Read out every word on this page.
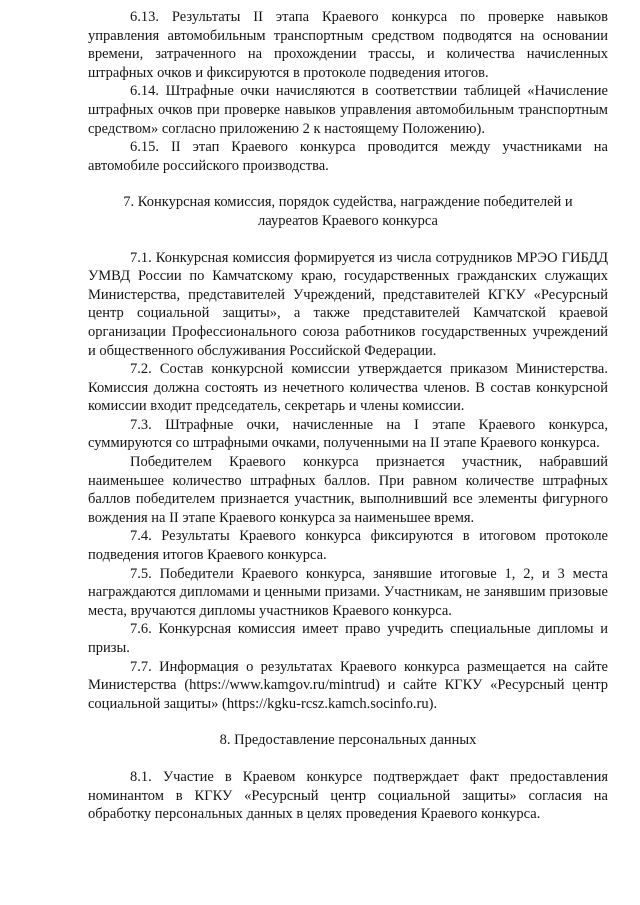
6.13. Результаты II этапа Краевого конкурса по проверке навыков управления автомобильным транспортным средством подводятся на основании времени, затраченного на прохождении трассы, и количества начисленных штрафных очков и фиксируются в протоколе подведения итогов.

6.14. Штрафные очки начисляются в соответствии таблицей «Начисление штрафных очков при проверке навыков управления автомобильным транспортным средством» согласно приложению 2 к настоящему Положению).

6.15. II этап Краевого конкурса проводится между участниками на автомобиле российского производства.

7. Конкурсная комиссия, порядок судейства, награждение победителей и
лауреатов Краевого конкурса

7.1. Конкурсная комиссия формируется из числа сотрудников МРЭО ГИБДД УМВД России по Камчатскому краю, государственных гражданских служащих Министерства, представителей Учреждений, представителей КГКУ «Ресурсный центр социальной защиты», а также представителей Камчатской краевой организации Профессионального союза работников государственных учреждений и общественного обслуживания Российской Федерации.

7.2. Состав конкурсной комиссии утверждается приказом Министерства. Комиссия должна состоять из нечетного количества членов. В состав конкурсной комиссии входит председатель, секретарь и члены комиссии.

7.3. Штрафные очки, начисленные на I этапе Краевого конкурса, суммируются со штрафными очками, полученными на II этапе Краевого конкурса.

Победителем Краевого конкурса признается участник, набравший наименьшее количество штрафных баллов. При равном количестве штрафных баллов победителем признается участник, выполнивший все элементы фигурного вождения на II этапе Краевого конкурса за наименьшее время.

7.4. Результаты Краевого конкурса фиксируются в итоговом протоколе подведения итогов Краевого конкурса.

7.5. Победители Краевого конкурса, занявшие итоговые 1, 2, и 3 места награждаются дипломами и ценными призами. Участникам, не занявшим призовые места, вручаются дипломы участников Краевого конкурса.

7.6. Конкурсная комиссия имеет право учредить специальные дипломы и призы.

7.7. Информация о результатах Краевого конкурса размещается на сайте Министерства (https://www.kamgov.ru/mintrud) и сайте КГКУ «Ресурсный центр социальной защиты» (https://kgku-rcsz.kamch.socinfo.ru).

8. Предоставление персональных данных

8.1. Участие в Краевом конкурсе подтверждает факт предоставления номинантом в КГКУ «Ресурсный центр социальной защиты» согласия на обработку персональных данных в целях проведения Краевого конкурса.
